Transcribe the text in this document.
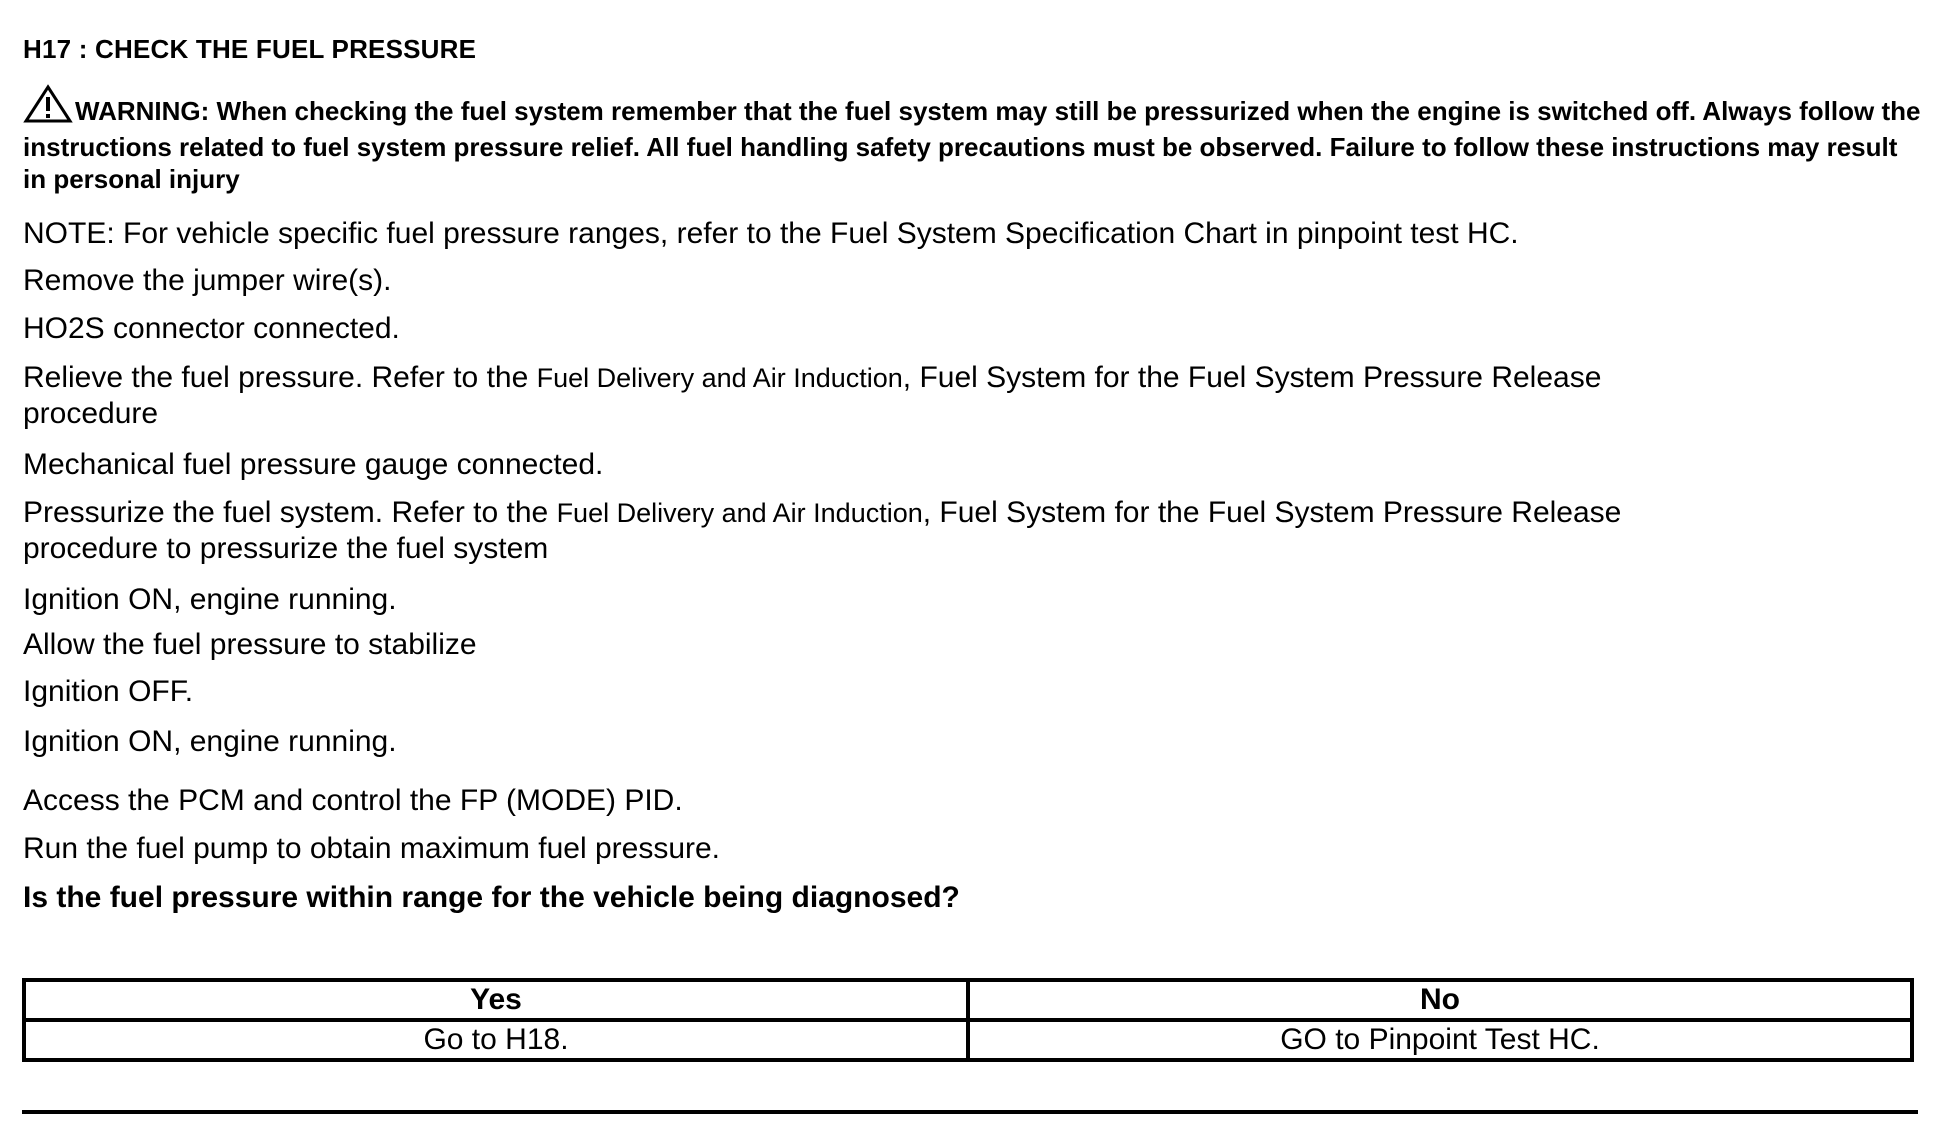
H17 : CHECK THE FUEL PRESSURE
WARNING: When checking the fuel system remember that the fuel system may still be pressurized when the engine is switched off. Always follow the instructions related to fuel system pressure relief. All fuel handling safety precautions must be observed. Failure to follow these instructions may result in personal injury
NOTE: For vehicle specific fuel pressure ranges, refer to the Fuel System Specification Chart in pinpoint test HC.
Remove the jumper wire(s).
HO2S connector connected.
Relieve the fuel pressure. Refer to the Fuel Delivery and Air Induction, Fuel System for the Fuel System Pressure Release
procedure
Mechanical fuel pressure gauge connected.
Pressurize the fuel system. Refer to the Fuel Delivery and Air Induction, Fuel System for the Fuel System Pressure Release
procedure to pressurize the fuel system
Ignition ON, engine running.
Allow the fuel pressure to stabilize
Ignition OFF.
Ignition ON, engine running.
Access the PCM and control the FP (MODE) PID.
Run the fuel pump to obtain maximum fuel pressure.
Is the fuel pressure within range for the vehicle being diagnosed?
Yes	No
Go to H18.	GO to Pinpoint Test HC.
